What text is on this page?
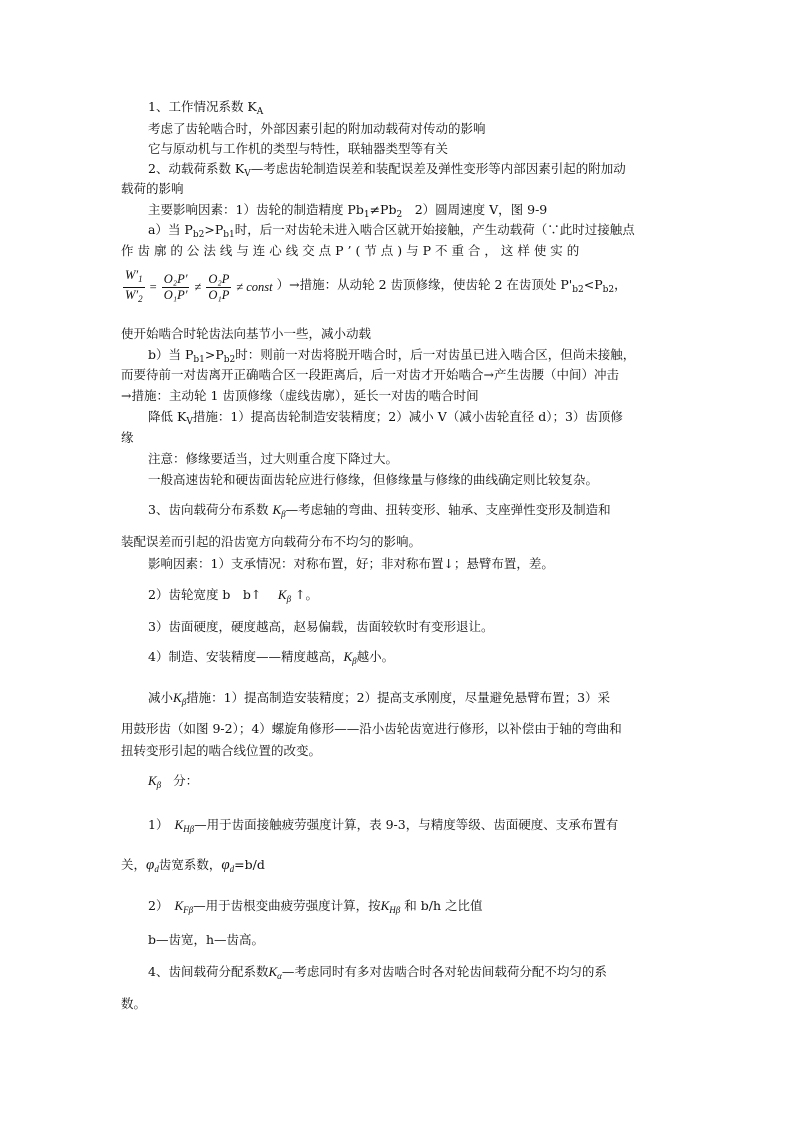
1、工作情况系数 $K_A$
考虑了齿轮啮合时，外部因素引起的附加动载荷对传动的影响
它与原动机与工作机的类型与特性，联轴器类型等有关
2、动载荷系数 $K_V—$考虑齿轮制造误差和装配误差及弹性变形等内部因素引起的附加动
载荷的影响
主要影响因素：1）齿轮的制造精度 $Pb_1\ne Pb_2$　2）圆周速度 V，图 9-9
a）当 $P_{b2}>P_{b1}$时，后一对齿轮未进入啮合区就开始接触，产生动载荷（∵此时过接触点
作 齿 廓 的 公 法 线 与 连 心 线 交 点 P ’ ( 节 点 ) 与 P 不 重 合 ， 这 样 使 实 的
$\frac{W'_1}{W'_2} = \frac{\text{O₂P′}}{\text{O₁P′}} \ne \frac{\text{O₂P}}{\text{O₁P}}$ ≠ const ）→措施：从动轮 2 齿顶修缘，使齿轮 2 在齿顶处 $P'_{b2}<P_{b2}$，
使开始啮合时轮齿法向基节小一些，减小动载
b）当 $P_{b1}>P_{b2}$时：则前一对齿将脱开啮合时，后一对齿虽已进入啮合区，但尚未接触，
而要待前一对齿离开正确啮合区一段距离后，后一对齿才开始啮合→产生齿腰（中间）冲击
→措施：主动轮 1 齿顶修缘（虚线齿廓），延长一对齿的啮合时间
降低 $K_V$措施：1）提高齿轮制造安装精度；2）减小 V（减小齿轮直径 d）；3）齿顶修
缘
注意：修缘要适当，过大则重合度下降过大。
一般高速齿轮和硬齿面齿轮应进行修缘，但修缘量与修缘的曲线确定则比较复杂。
3、齿向载荷分布系数 $K_\beta—$考虑轴的弯曲、扭转变形、轴承、支座弹性变形及制造和
装配误差而引起的沿齿宽方向载荷分布不均匀的影响。
影响因素：1）支承情况：对称布置，好；非对称布置↓；悬臂布置，差。
2）齿轮宽度 b　b↑　 $K_\beta$ ↑。
3）齿面硬度，硬度越高，赵易偏载，齿面较软时有变形退让。
4）制造、安装精度——精度越高，$K_\beta$越小。
减小$K_\beta$措施：1）提高制造安装精度；2）提高支承刚度，尽量避免悬臂布置；3）采
用鼓形齿（如图 9-2）；4）螺旋角修形——沿小齿轮齿宽进行修形，以补偿由于轴的弯曲和
扭转变形引起的啮合线位置的改变。
$K_\beta$ 分：
1） $K_{H\beta}—$用于齿面接触疲劳强度计算，表 9-3，与精度等级、齿面硬度、支承布置有
关，$\varphi_d$齿宽系数，$\varphi_d=b/d$
2） $K_{F\beta}—$用于齿根变曲疲劳强度计算，按$K_{H\beta}$ 和 b/h 之比值
b—齿宽，h—齿高。
4、齿间载荷分配系数$K_\alpha—$考虑同时有多对齿啮合时各对轮齿间载荷分配不均匀的系
数。
